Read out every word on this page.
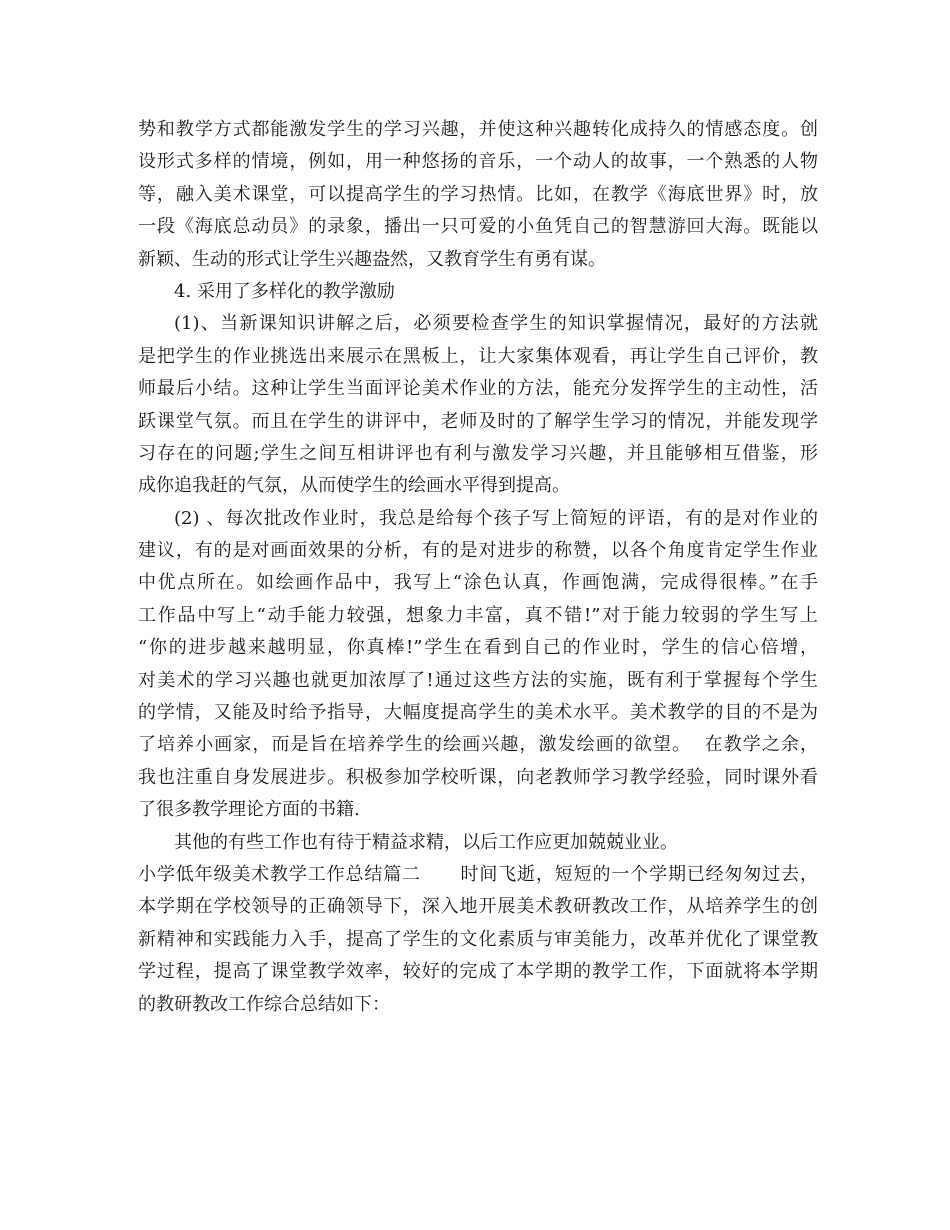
势和教学方式都能激发学生的学习兴趣，并使这种兴趣转化成持久的情感态度。创
设形式多样的情境，例如，用一种悠扬的音乐，一个动人的故事，一个熟悉的人物
等，融入美术课堂，可以提高学生的学习热情。比如，在教学《海底世界》时，放
一段《海底总动员》的录象，播出一只可爱的小鱼凭自己的智慧游回大海。既能以
新颖、生动的形式让学生兴趣盎然，又教育学生有勇有谋。
4. 采用了多样化的教学激励
(1)、当新课知识讲解之后，必须要检查学生的知识掌握情况，最好的方法就
是把学生的作业挑选出来展示在黑板上，让大家集体观看，再让学生自己评价，教
师最后小结。这种让学生当面评论美术作业的方法，能充分发挥学生的主动性，活
跃课堂气氛。而且在学生的讲评中，老师及时的了解学生学习的情况，并能发现学
习存在的问题;学生之间互相讲评也有利与激发学习兴趣，并且能够相互借鉴，形
成你追我赶的气氛，从而使学生的绘画水平得到提高。
(2) 、每次批改作业时，我总是给每个孩子写上简短的评语，有的是对作业的
建议，有的是对画面效果的分析，有的是对进步的称赞，以各个角度肯定学生作业
中优点所在。如绘画作品中，我写上“涂色认真，作画饱满，完成得很棒。”在手
工作品中写上“动手能力较强，想象力丰富，真不错!”对于能力较弱的学生写上
“你的进步越来越明显，你真棒!”学生在看到自己的作业时，学生的信心倍增，
对美术的学习兴趣也就更加浓厚了!通过这些方法的实施，既有利于掌握每个学生
的学情，又能及时给予指导，大幅度提高学生的美术水平。美术教学的目的不是为
了培养小画家，而是旨在培养学生的绘画兴趣，激发绘画的欲望。  在教学之余，
我也注重自身发展进步。积极参加学校听课，向老教师学习教学经验，同时课外看
了很多教学理论方面的书籍.
其他的有些工作也有待于精益求精，以后工作应更加兢兢业业。
小学低年级美术教学工作总结篇二      时间飞逝，短短的一个学期已经匆匆过去，
本学期在学校领导的正确领导下，深入地开展美术教研教改工作，从培养学生的创
新精神和实践能力入手，提高了学生的文化素质与审美能力，改革并优化了课堂教
学过程，提高了课堂教学效率，较好的完成了本学期的教学工作，下面就将本学期
的教研教改工作综合总结如下：
